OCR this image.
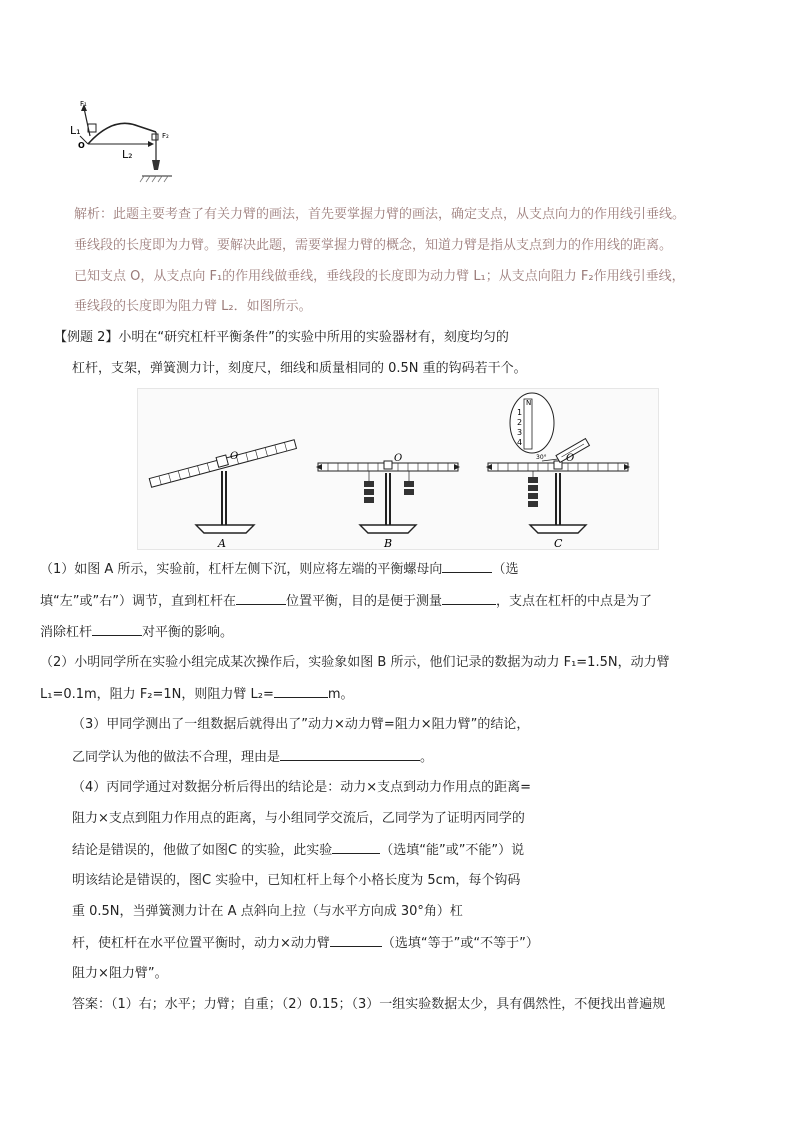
F₁
L₁
O
L₂
F₂
解析：此题主要考查了有关力臂的画法，首先要掌握力臂的画法，确定支点，从支点向力的作用线引垂线。
垂线段的长度即为力臂。要解决此题，需要掌握力臂的概念，知道力臂是指从支点到力的作用线的距离。
已知支点 O，从支点向 F₁的作用线做垂线，垂线段的长度即为动力臂 L₁；从支点向阻力 F₂作用线引垂线，
垂线段的长度即为阻力臂 L₂．如图所示。
【例题 2】小明在“研究杠杆平衡条件”的实验中所用的实验器材有，刻度均匀的
杠杆，支架，弹簧测力计，刻度尺，细线和质量相同的 0.5N 重的钩码若干个。
O
A
O
B
N
1
2
3
4
30° O
C
（1）如图 A 所示，实验前，杠杆左侧下沉，则应将左端的平衡螺母向	（选
填“左”或”右”）调节，直到杠杆在	位置平衡，目的是便于测量	，支点在杠杆的中点是为了
消除杠杆	对平衡的影响。
（2）小明同学所在实验小组完成某次操作后，实验象如图 B 所示，他们记录的数据为动力 F₁=1.5N，动力臂
L₁=0.1m，阻力 F₂=1N，则阻力臂 L₂=	m。
（3）甲同学测出了一组数据后就得出了”动力×动力臂=阻力×阻力臂”的结论，
乙同学认为他的做法不合理，理由是	。
（4）丙同学通过对数据分析后得出的结论是：动力×支点到动力作用点的距离=
阻力×支点到阻力作用点的距离，与小组同学交流后，乙同学为了证明丙同学的
结论是错误的，他做了如图C 的实验，此实验	（选填“能”或”不能”）说
明该结论是错误的，图C 实验中，已知杠杆上每个小格长度为 5cm，每个钩码
重 0.5N，当弹簧测力计在 A 点斜向上拉（与水平方向成 30°角）杠
杆，使杠杆在水平位置平衡时，动力×动力臂	（选填“等于”或“不等于”）
阻力×阻力臂”。
答案：（1）右；水平；力臂；自重；（2）0.15；（3）一组实验数据太少，具有偶然性，不便找出普遍规
